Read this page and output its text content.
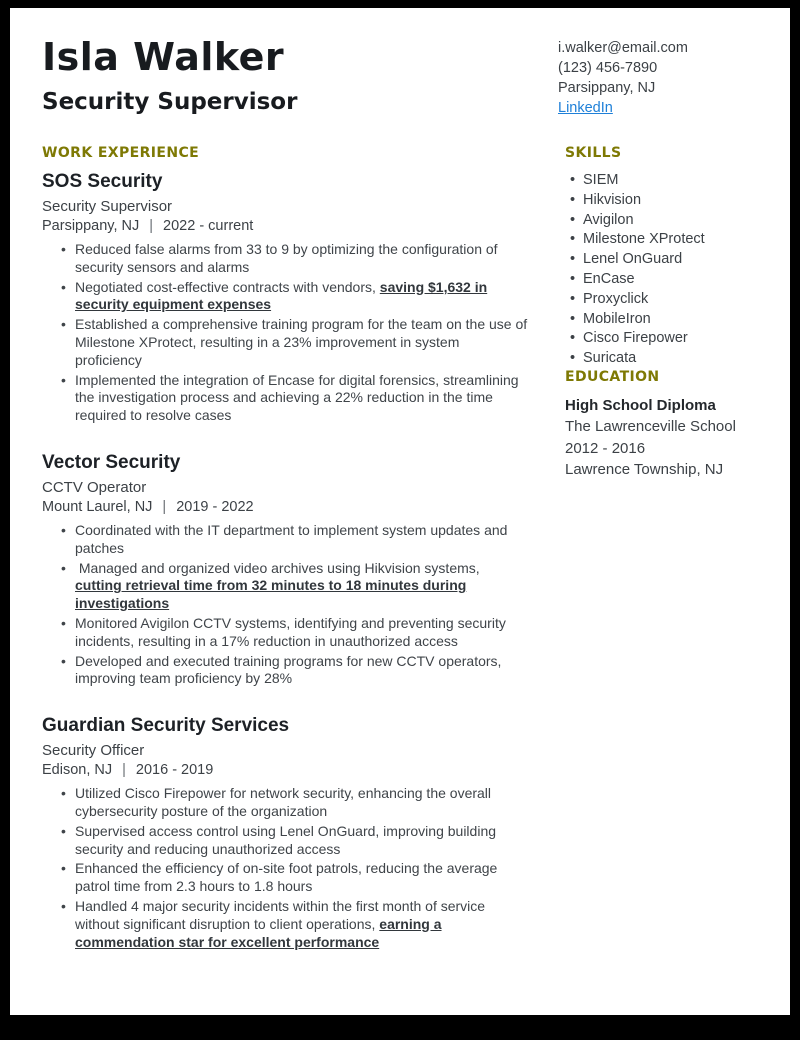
Isla Walker
Security Supervisor
i.walker@email.com
(123) 456-7890
Parsippany, NJ
LinkedIn
WORK EXPERIENCE
SOS Security
Security Supervisor
Parsippany, NJ | 2022 - current
• Reduced false alarms from 33 to 9 by optimizing the configuration of security sensors and alarms
• Negotiated cost-effective contracts with vendors, saving $1,632 in security equipment expenses
• Established a comprehensive training program for the team on the use of Milestone XProtect, resulting in a 23% improvement in system proficiency
• Implemented the integration of Encase for digital forensics, streamlining the investigation process and achieving a 22% reduction in the time required to resolve cases
Vector Security
CCTV Operator
Mount Laurel, NJ | 2019 - 2022
• Coordinated with the IT department to implement system updates and patches
•  Managed and organized video archives using Hikvision systems, cutting retrieval time from 32 minutes to 18 minutes during investigations
• Monitored Avigilon CCTV systems, identifying and preventing security incidents, resulting in a 17% reduction in unauthorized access
• Developed and executed training programs for new CCTV operators, improving team proficiency by 28%
Guardian Security Services
Security Officer
Edison, NJ | 2016 - 2019
• Utilized Cisco Firepower for network security, enhancing the overall cybersecurity posture of the organization
• Supervised access control using Lenel OnGuard, improving building security and reducing unauthorized access
• Enhanced the efficiency of on-site foot patrols, reducing the average patrol time from 2.3 hours to 1.8 hours
• Handled 4 major security incidents within the first month of service without significant disruption to client operations, earning a commendation star for excellent performance
SKILLS
• SIEM
• Hikvision
• Avigilon
• Milestone XProtect
• Lenel OnGuard
• EnCase
• Proxyclick
• MobileIron
• Cisco Firepower
• Suricata
EDUCATION
High School Diploma
The Lawrenceville School
2012 - 2016
Lawrence Township, NJ
